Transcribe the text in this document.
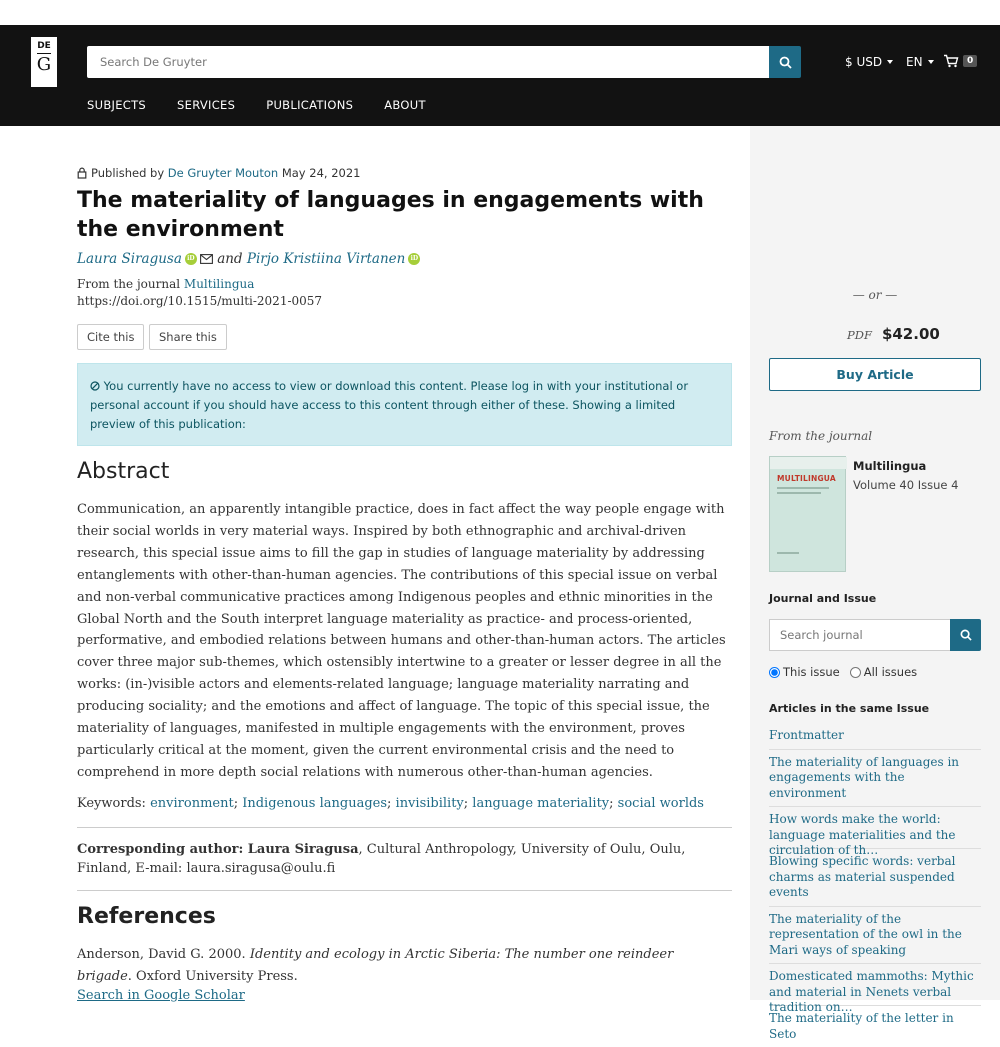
DE
G
Search De Gruyter	$ USD EN	0
SUBJECTS	SERVICES	PUBLICATIONS	ABOUT
Published by
De Gruyter Mouton
May 24, 2021
The materiality of languages in engagements with the environment
Laura Siragusa iD
and
Pirjo Kristiina Virtanen iD
From the journal Multilingua
https://doi.org/10.1515/multi-2021-0057
Cite this	Share this
You currently have no access to view or download this content. Please log in with your institutional or personal account if you should have access to this content through either of these. Showing a limited preview of this publication:
Abstract

Communication, an apparently intangible practice, does in fact affect the way people engage with their social worlds in very material ways. Inspired by both ethnographic and archival-driven research, this special issue aims to fill the gap in studies of language materiality by addressing entanglements with other-than-human agencies. The contributions of this special issue on verbal and non-verbal communicative practices among Indigenous peoples and ethnic minorities in the Global North and the South interpret language materiality as practice- and process-oriented, performative, and embodied relations between humans and other-than-human actors. The articles cover three major sub-themes, which ostensibly intertwine to a greater or lesser degree in all the works: (in-)visible actors and elements-related language; language materiality narrating and producing sociality; and the emotions and affect of language. The topic of this special issue, the materiality of languages, manifested in multiple engagements with the environment, proves particularly critical at the moment, given the current environmental crisis and the need to comprehend in more depth social relations with numerous other-than-human agencies.

Keywords: environment; Indigenous languages; invisibility; language materiality; social worlds
Corresponding author: Laura Siragusa, Cultural Anthropology, University of Oulu, Oulu, Finland, E-mail: laura.siragusa@oulu.fi
References
Anderson, David G. 2000. Identity and ecology in Arctic Siberia: The number one reindeer brigade. Oxford University Press.
Search in Google Scholar
— or —
PDF $42.00
Buy Article
From the journal
MULTILINGUA
Multilingua
Volume 40 Issue 4
Journal and Issue
Search journal
This issue All issues
Articles in the same Issue
Frontmatter
The materiality of languages in engagements with the environment
How words make the world: language materialities and the circulation of th…
Blowing specific words: verbal charms as material suspended events
The materiality of the representation of the owl in the Mari ways of speaking
Domesticated mammoths: Mythic and material in Nenets verbal tradition on…
The materiality of the letter in Seto
